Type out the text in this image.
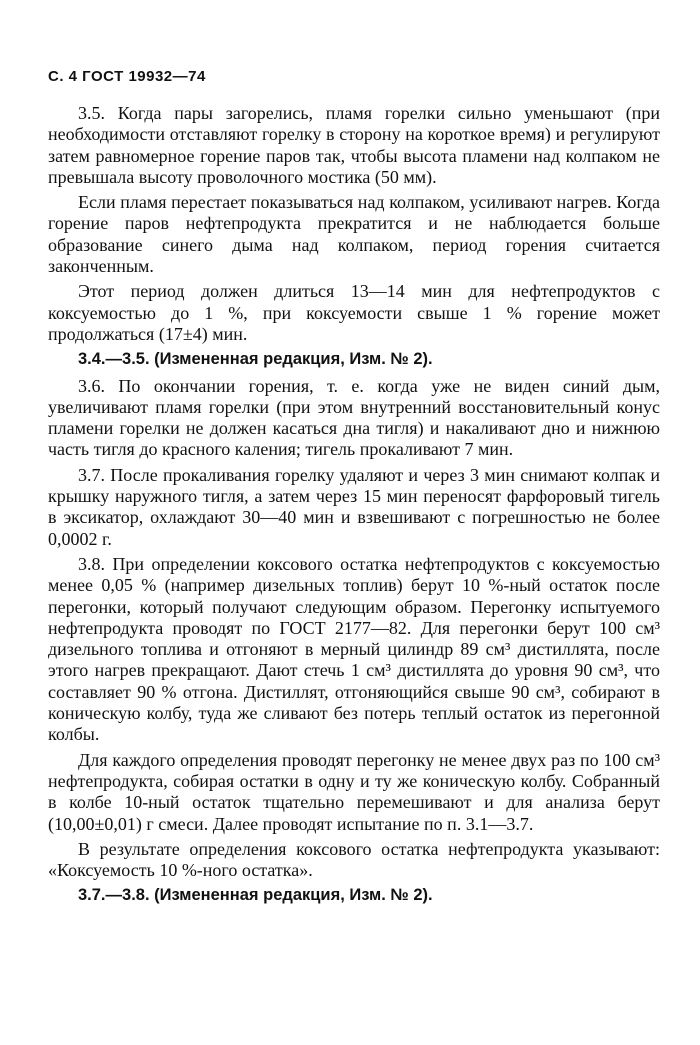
С. 4 ГОСТ 19932—74

3.5. Когда пары загорелись, пламя горелки сильно уменьшают (при необходимости отставляют горелку в сторону на короткое время) и регулируют затем равномерное горение паров так, чтобы высота пламени над колпаком не превышала высоту проволочного мостика (50 мм).

Если пламя перестает показываться над колпаком, усиливают нагрев. Когда горение паров нефтепродукта прекратится и не наблюдается больше образование синего дыма над колпаком, период горения считается законченным.

Этот период должен длиться 13—14 мин для нефтепродуктов с коксуемостью до 1 %, при коксуемости свыше 1 % горение может продолжаться (17±4) мин.

3.4.—3.5. (Измененная редакция, Изм. № 2).

3.6. По окончании горения, т. е. когда уже не виден синий дым, увеличивают пламя горелки (при этом внутренний восстановительный конус пламени горелки не должен касаться дна тигля) и накаливают дно и нижнюю часть тигля до красного каления; тигель прокаливают 7 мин.

3.7. После прокаливания горелку удаляют и через 3 мин снимают колпак и крышку наружного тигля, а затем через 15 мин переносят фарфоровый тигель в эксикатор, охлаждают 30—40 мин и взвешивают с погрешностью не более 0,0002 г.

3.8. При определении коксового остатка нефтепродуктов с коксуемостью менее 0,05 % (например дизельных топлив) берут 10 %-ный остаток после перегонки, который получают следующим образом. Перегонку испытуемого нефтепродукта проводят по ГОСТ 2177—82. Для перегонки берут 100 см³ дизельного топлива и отгоняют в мерный цилиндр 89 см³ дистиллята, после этого нагрев прекращают. Дают стечь 1 см³ дистиллята до уровня 90 см³, что составляет 90 % отгона. Дистиллят, отгоняющийся свыше 90 см³, собирают в коническую колбу, туда же сливают без потерь теплый остаток из перегонной колбы.

Для каждого определения проводят перегонку не менее двух раз по 100 см³ нефтепродукта, собирая остатки в одну и ту же коническую колбу. Собранный в колбе 10-ный остаток тщательно перемешивают и для анализа берут (10,00±0,01) г смеси. Далее проводят испытание по п. 3.1—3.7.

В результате определения коксового остатка нефтепродукта указывают: «Коксуемость 10 %-ного остатка».

3.7.—3.8. (Измененная редакция, Изм. № 2).
